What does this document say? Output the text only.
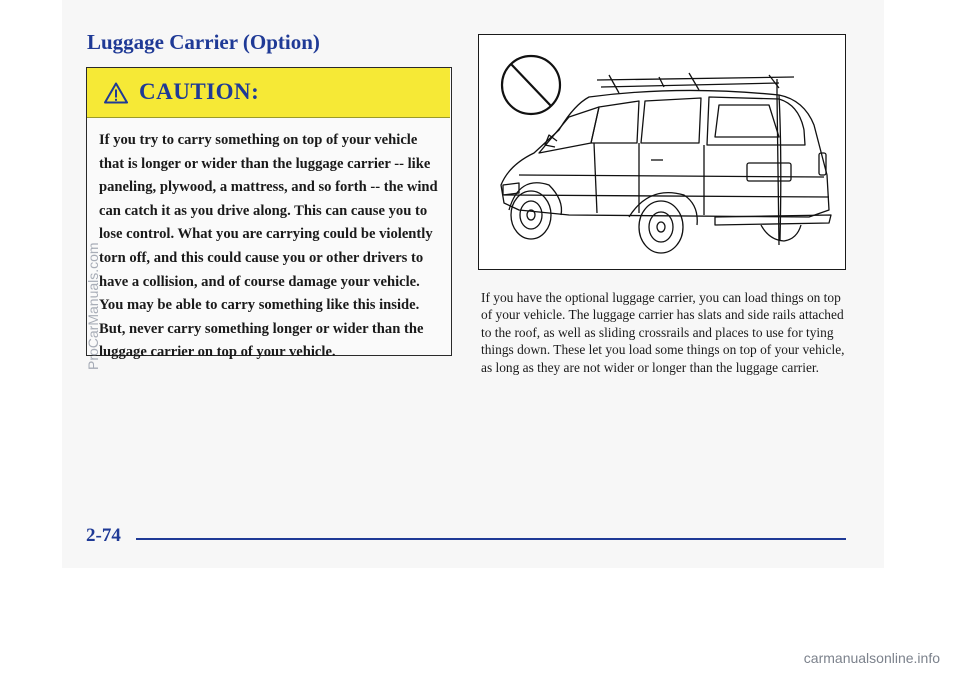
Luggage Carrier (Option)
CAUTION:

If you try to carry something on top of your vehicle that is longer or wider than the luggage carrier -- like paneling, plywood, a mattress, and so forth -- the wind can catch it as you drive along. This can cause you to lose control. What you are carrying could be violently torn off, and this could cause you or other drivers to have a collision, and of course damage your vehicle. You may be able to carry something like this inside. But, never carry something longer or wider than the luggage carrier on top of your vehicle.

If you have the optional luggage carrier, you can load things on top of your vehicle. The luggage carrier has slats and side rails attached to the roof, as well as sliding crossrails and places to use for tying things down. These let you load some things on top of your vehicle, as long as they are not wider or longer than the luggage carrier.

2-74
ProCarManuals.com
carmanualsonline.info
